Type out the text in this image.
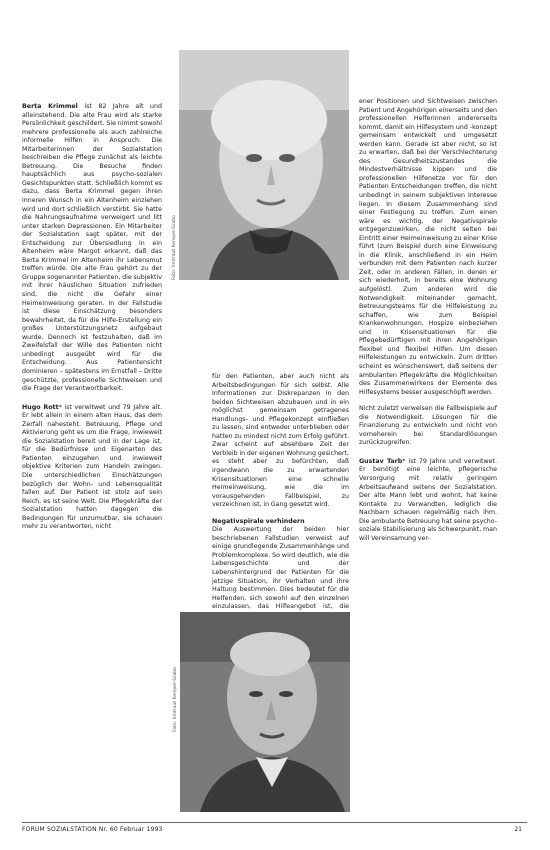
Berta Krimmel ist 82 Jahre alt und alleinstehend. Die alte Frau wird als starke Persönlichkeit geschildert. Sie nimmt sowohl mehrere professionelle als auch zahlreiche informelle Hilfen in Anspruch. Die Mitarbeiterinnen der Sozialstation beschreiben die Pflege zunächst als leichte Betreuung. Die Besuche finden hauptsächlich aus psycho-sozialen Gesichtspunkten statt. Schließlich kommt es dazu, dass Berta Krimmel gegen ihren inneren Wunsch in ein Altenheim einziehen wird und dort schließlich verstirbt. Sie hatte die Nahrungsaufnahme verweigert und litt unter starken Depressionen. Ein Mitarbeiter der Sozialstation sagt später, mit der Entscheidung zur Übersiedlung in ein Altenheim wäre Margot erkannt, daß das Berta Krimmel im Altenheim ihr Lebensmut treffen würde. Die alte Frau gehört zu der Gruppe sogenannter Patienten, die subjektiv mit ihrer häuslichen Situation zufrieden sind, die nicht die Gefahr einer Heimeinweisung geraten. In der Fallstudie ist diese Einschätzung besonders bewahrheitet, da für die Hilfe-Erstellung ein großes Unterstützungsnetz aufgebaut wurde. Dennoch ist festzuhalten, daß im Zweifelsfall der Wille des Patienten nicht unbedingt ausgeübt wird für die Entscheidung. Aus Patientensicht dominieren – spätestens im Ernstfall – Dritte geschützte, professionelle Sichtweisen und die Frage der Verantwortbarkeit.

Hugo Rott* ist verwitwet und 79 Jahre alt. Er lebt allein in einem alten Haus, das dem Zerfall nahesteht. Betreuung, Pflege und Aktivierung geht es um die Frage, inwieweit die Sozialstation bereit und in der Lage ist, für die Bedürfnisse und Eigenarten des Patienten einzugehen und inwieweit objektive Kriterien zum Handeln zwingen. Die unterschiedlichen Einschätzungen bezüglich der Wohn- und Lebensqualität fallen auf. Der Patient ist stolz auf sein Reich, es ist seine Welt. Die Pflegekräfte der Sozialstation hatten dagegen die Bedingungen für unzumutbar, sie schauen mehr zu verantworten, nicht

für den Patienten, aber auch nicht als Arbeitsbedingungen für sich selbst. Alle Informationen zur Diskrepanzen in den beiden Sichtweisen abzubauen und in ein möglichst gemeinsam getragenes Handlungs- und Pflegekonzept einfließen zu lassen, sind entweder unterblieben oder hatten zu mindest nicht zum Erfolg geführt. Zwar scheint auf absehbare Zeit der Verbleib in der eigenen Wohnung gesichert, es steht aber zu befürchten, daß irgendwann die zu erwartenden Krisensituationen eine schnelle Heimeinweisung, wie die im vorausgehenden Fallbeispiel, zu verzeichnen ist, in Gang gesetzt wird.

Negativspirale verhindern

Die Auswertung der beiden hier beschriebenen Fallstudien verweist auf einige grundlegende Zusammenhänge und Problemkomplexe. So wird deutlich, wie die Lebensgeschichte und der Lebenshintergrund der Patienten für die jetzige Situation, ihr Verhalten und ihre Haltung bestimmen. Dies bedeutet für die Helfenden, sich sowohl auf den einzelnen einzulassen, das Hilfeangebot ist, die

ener Positionen und Sichtweisen zwischen Patient und Angehörigen einerseits und den professionellen Helferinnen andererseits kommt, damit ein Hilfesystem und -konzept gemeinsam entwickelt und umgesetzt werden kann. Gerade ist aber nicht, so ist zu erwarten, daß bei der Verschlechterung des Gesundheitszustandes die Mindestverhältnisse kippen und die professionellen Hilfenetze vor für den Patienten Entscheidungen treffen, die nicht unbedingt in seinem subjektiven Interesse liegen. In diesem Zusammenhang sind einer Festlegung zu treffen. Zum einen wäre es wichtig, der Negativspirale entgegenzuwirken, die nicht selten bei Eintritt einer Heimeinweisung zu einer Krise führt (zum Beispiel durch eine Einweisung in die Klinik, anschließend in ein Heim verbunden mit dem Patienten nach kurzer Zeit, oder in anderen Fällen, in denen er sich wiederholt, in bereits eine Wohnung aufgelöst). Zum anderen wird die Notwendigkeit miteinander gemacht, Betreuungsteams für die Hilfeleistung zu schaffen, wie zum Beispiel Krankenwohnungen, Hospize einbeziehen und in Krisensituationen für die Pflegebedürftigen mit ihren Angehörigen flexibel und flexibel Hilfen. Um diesen Hilfeleistungen zu entwickeln. Zum dritten scheint es wünschenswert, daß seitens der ambulanten Pflegekräfte die Möglichkeiten des Zusammenwirkens der Elemente des Hilfesystems besser ausgeschöpft werden.

Nicht zuletzt verweisen die Fallbeispiele auf die Notwendigkeit, Lösungen für die Finanzierung zu entwickeln und nicht von vorneherein bei Standardlösungen zurückzugreifen.

Gustav Tarb* ist 79 Jahre und verwitwet. Er benötigt eine leichte, pflegerische Versorgung mit relativ geringem Arbeitsaufwand seitens der Sozialstation. Der alte Mann lebt und wohnt, hat keine Kontakte zu Verwandten, lediglich die Nachbarn schauen regelmäßig nach ihm. Die ambulante Betreuung hat seine psycho-soziale Stabilisierung als Schwerpunkt, man will Vereinsamung ver-

Foto: Irmtraut Kemper-Szabo
Foto: Irmtraut Kemper-Szabo
FORUM SOZIALSTATION Nr. 60 Februar 1993	21
